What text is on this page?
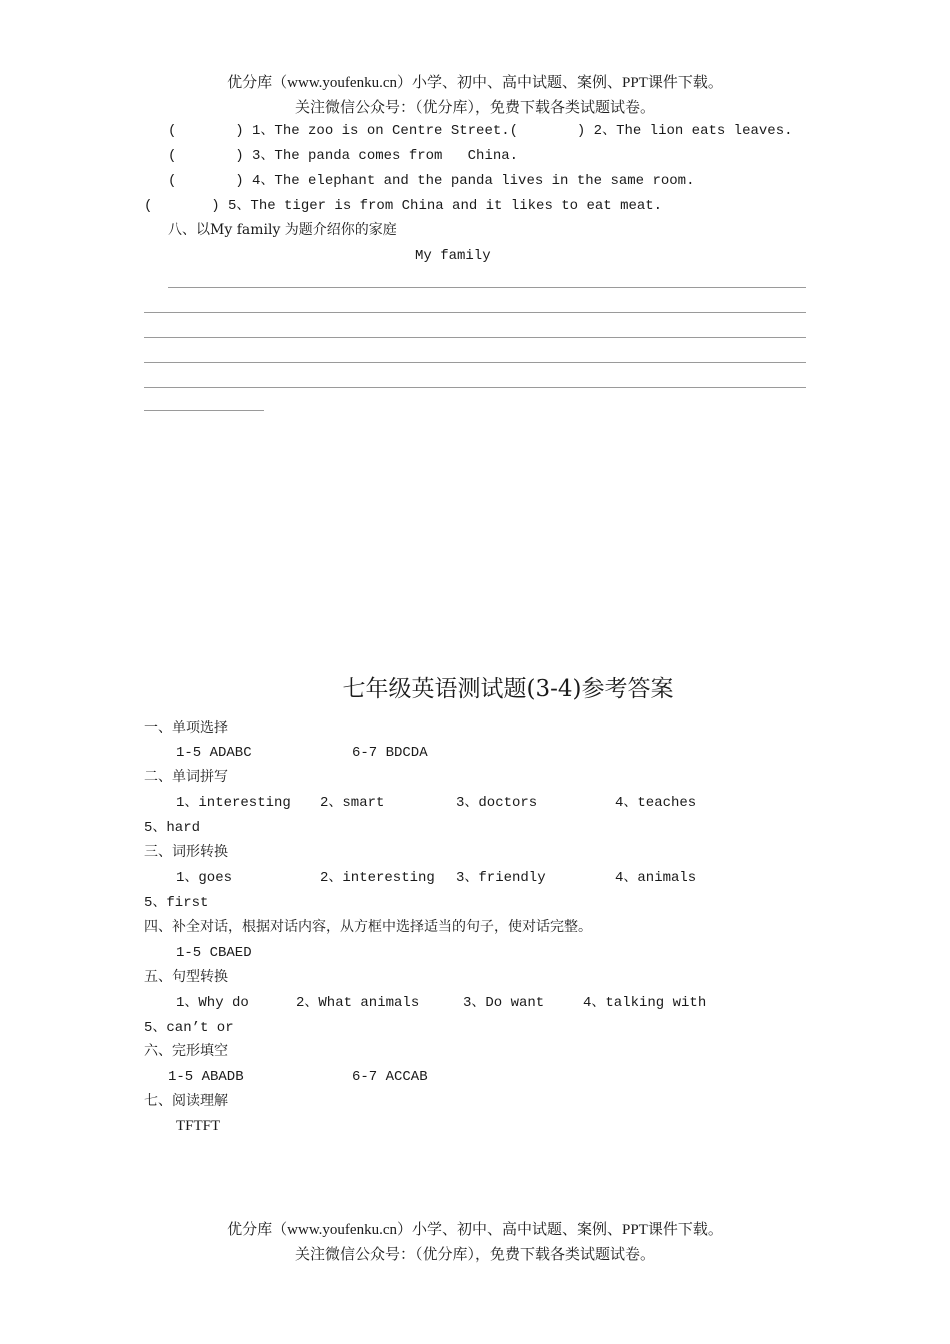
优分库（www.youfenku.cn）小学、初中、高中试题、案例、PPT课件下载。
关注微信公众号：（优分库），免费下载各类试题试卷。
(       ) 1、The zoo is on Centre Street.(       ) 2、The lion eats leaves.
(       ) 3、The panda comes from   China.
(       ) 4、The elephant and the panda lives in the same room.
(       ) 5、The tiger is from China and it likes to eat meat.
八、以My family 为题介绍你的家庭
My family
七年级英语测试题(3-4)参考答案
一、单项选择
1-5 ADABC	6-7 BDCDA
二、单词拼写
1、interesting 2、smart	3、doctors	4、teaches
5、hard
三、词形转换
1、goes	2、interesting 3、friendly	4、animals
5、first
四、补全对话，根据对话内容，从方框中选择适当的句子，使对话完整。
1-5 CBAED
五、句型转换
1、Why do	2、What animals	3、Do want	4、talking with
5、can’t or
六、完形填空
1-5 ABADB	6-7 ACCAB
七、阅读理解
TFTFT
优分库（www.youfenku.cn）小学、初中、高中试题、案例、PPT课件下载。
关注微信公众号：（优分库），免费下载各类试题试卷。
